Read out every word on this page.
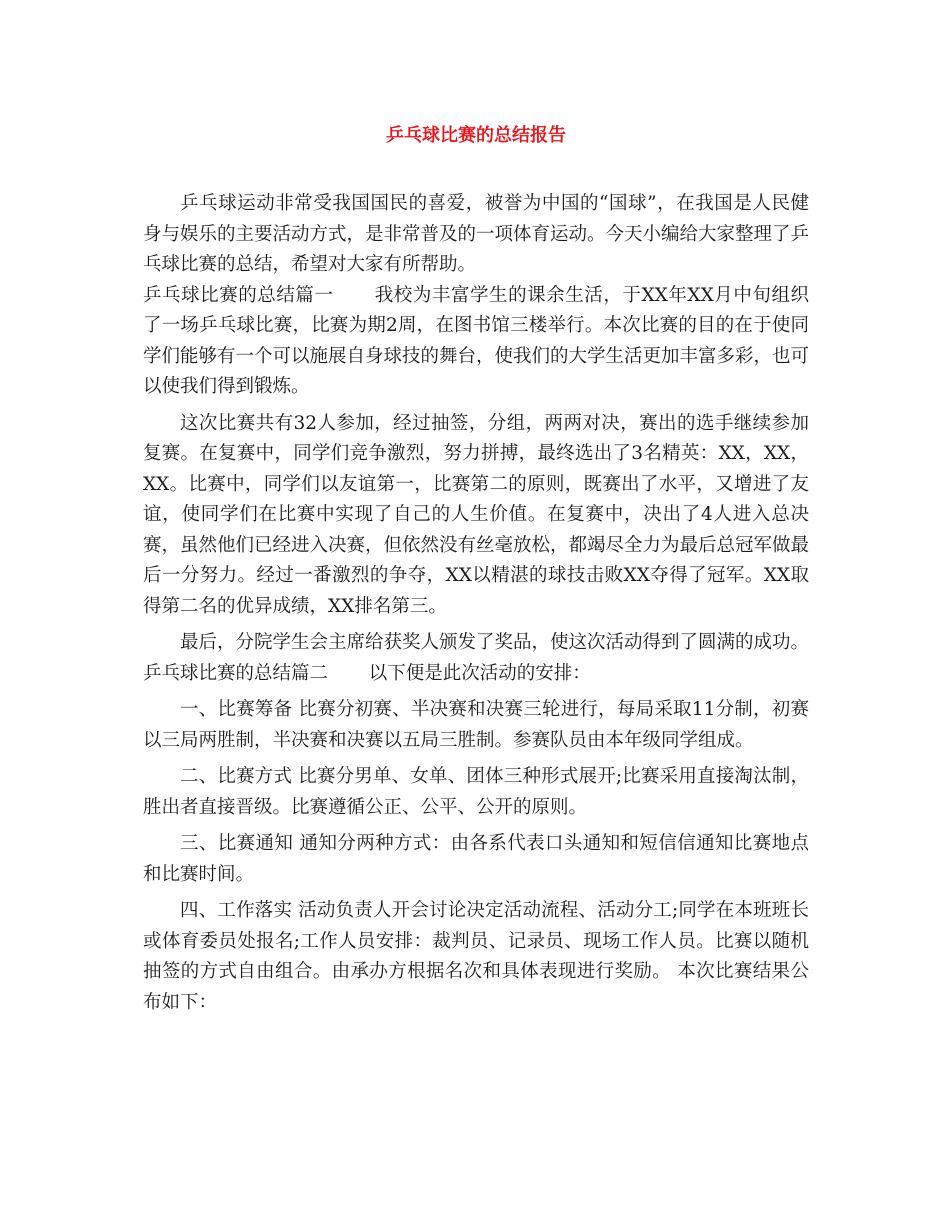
乒乓球比赛的总结报告

乒乓球运动非常受我国国民的喜爱，被誉为中国的“国球”，在我国是人民健身与娱乐的主要活动方式，是非常普及的一项体育运动。今天小编给大家整理了乒乓球比赛的总结，希望对大家有所帮助。

乒乓球比赛的总结篇一 我校为丰富学生的课余生活，于XX年XX月中旬组织了一场乒乓球比赛，比赛为期2周，在图书馆三楼举行。本次比赛的目的在于使同学们能够有一个可以施展自身球技的舞台，使我们的大学生活更加丰富多彩，也可以使我们得到锻炼。

这次比赛共有32人参加，经过抽签，分组，两两对决，赛出的选手继续参加复赛。在复赛中，同学们竞争激烈，努力拼搏，最终选出了3名精英：XX，XX，XX。比赛中，同学们以友谊第一，比赛第二的原则，既赛出了水平，又增进了友谊，使同学们在比赛中实现了自己的人生价值。在复赛中，决出了4人进入总决赛，虽然他们已经进入决赛，但依然没有丝毫放松，都竭尽全力为最后总冠军做最后一分努力。经过一番激烈的争夺，XX以精湛的球技击败XX夺得了冠军。XX取得第二名的优异成绩，XX排名第三。

最后，分院学生会主席给获奖人颁发了奖品，使这次活动得到了圆满的成功。

乒乓球比赛的总结篇二 以下便是此次活动的安排：

一、比赛筹备 比赛分初赛、半决赛和决赛三轮进行，每局采取11分制，初赛以三局两胜制，半决赛和决赛以五局三胜制。参赛队员由本年级同学组成。

二、比赛方式 比赛分男单、女单、团体三种形式展开;比赛采用直接淘汰制，胜出者直接晋级。比赛遵循公正、公平、公开的原则。

三、比赛通知 通知分两种方式：由各系代表口头通知和短信信通知比赛地点和比赛时间。

四、工作落实 活动负责人开会讨论决定活动流程、活动分工;同学在本班班长或体育委员处报名;工作人员安排：裁判员、记录员、现场工作人员。比赛以随机抽签的方式自由组合。由承办方根据名次和具体表现进行奖励。 本次比赛结果公布如下：
